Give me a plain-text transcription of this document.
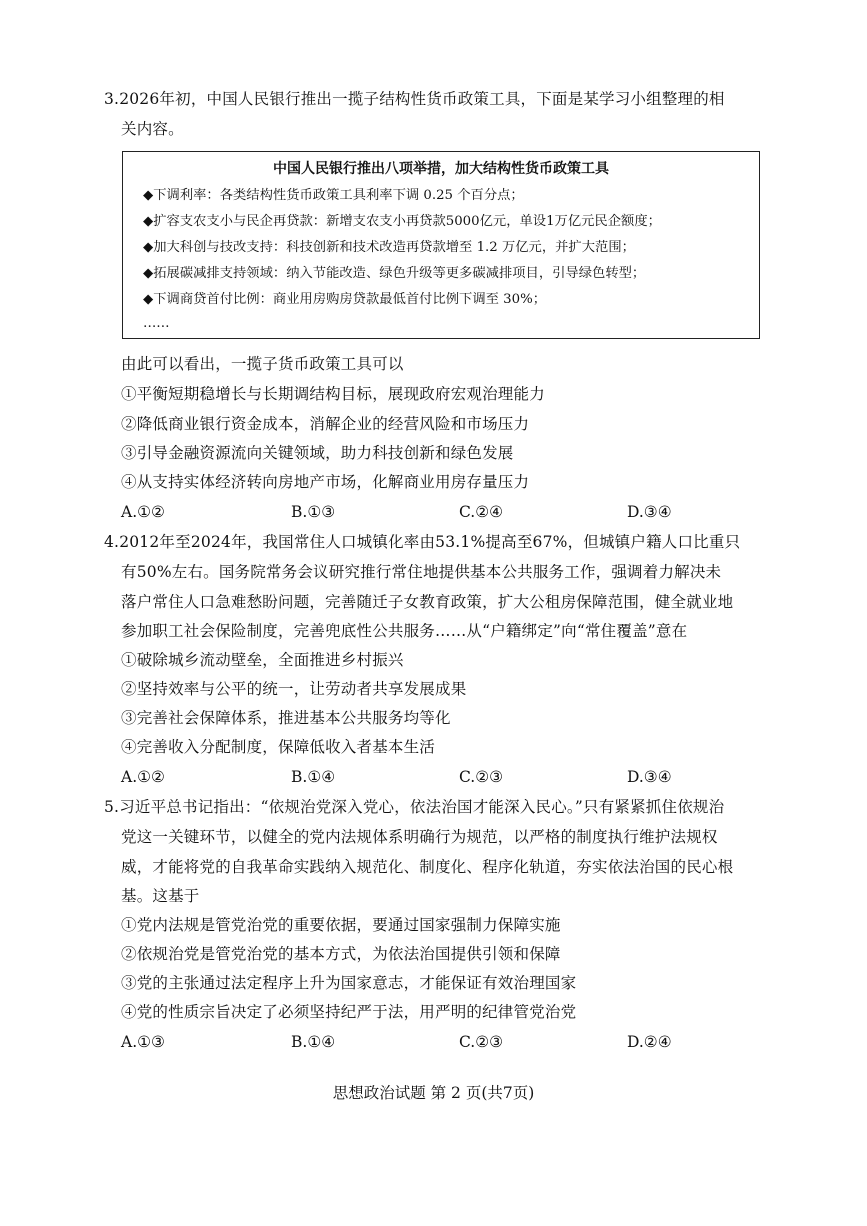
3.2026年初，中国人民银行推出一揽子结构性货币政策工具，下面是某学习小组整理的相
关内容。
中国人民银行推出八项举措，加大结构性货币政策工具
◆下调利率：各类结构性货币政策工具利率下调 0.25 个百分点；
◆扩容支农支小与民企再贷款：新增支农支小再贷款5000亿元，单设1万亿元民企额度；
◆加大科创与技改支持：科技创新和技术改造再贷款增至 1.2 万亿元，并扩大范围；
◆拓展碳减排支持领域：纳入节能改造、绿色升级等更多碳减排项目，引导绿色转型；
◆下调商贷首付比例：商业用房购房贷款最低首付比例下调至 30%；
……
由此可以看出，一揽子货币政策工具可以
①平衡短期稳增长与长期调结构目标，展现政府宏观治理能力
②降低商业银行资金成本，消解企业的经营风险和市场压力
③引导金融资源流向关键领域，助力科技创新和绿色发展
④从支持实体经济转向房地产市场，化解商业用房存量压力
A.①②	B.①③	C.②④	D.③④
4.2012年至2024年，我国常住人口城镇化率由53.1%提高至67%，但城镇户籍人口比重只
有50%左右。国务院常务会议研究推行常住地提供基本公共服务工作，强调着力解决未
落户常住人口急难愁盼问题，完善随迁子女教育政策，扩大公租房保障范围，健全就业地
参加职工社会保险制度，完善兜底性公共服务……从“户籍绑定”向“常住覆盖”意在
①破除城乡流动壁垒，全面推进乡村振兴
②坚持效率与公平的统一，让劳动者共享发展成果
③完善社会保障体系，推进基本公共服务均等化
④完善收入分配制度，保障低收入者基本生活
A.①②	B.①④	C.②③	D.③④
5.习近平总书记指出：“依规治党深入党心，依法治国才能深入民心。”只有紧紧抓住依规治
党这一关键环节，以健全的党内法规体系明确行为规范，以严格的制度执行维护法规权
威，才能将党的自我革命实践纳入规范化、制度化、程序化轨道，夯实依法治国的民心根
基。这基于
①党内法规是管党治党的重要依据，要通过国家强制力保障实施
②依规治党是管党治党的基本方式，为依法治国提供引领和保障
③党的主张通过法定程序上升为国家意志，才能保证有效治理国家
④党的性质宗旨决定了必须坚持纪严于法，用严明的纪律管党治党
A.①③	B.①④	C.②③	D.②④
思想政治试题 第 2 页(共7页)
